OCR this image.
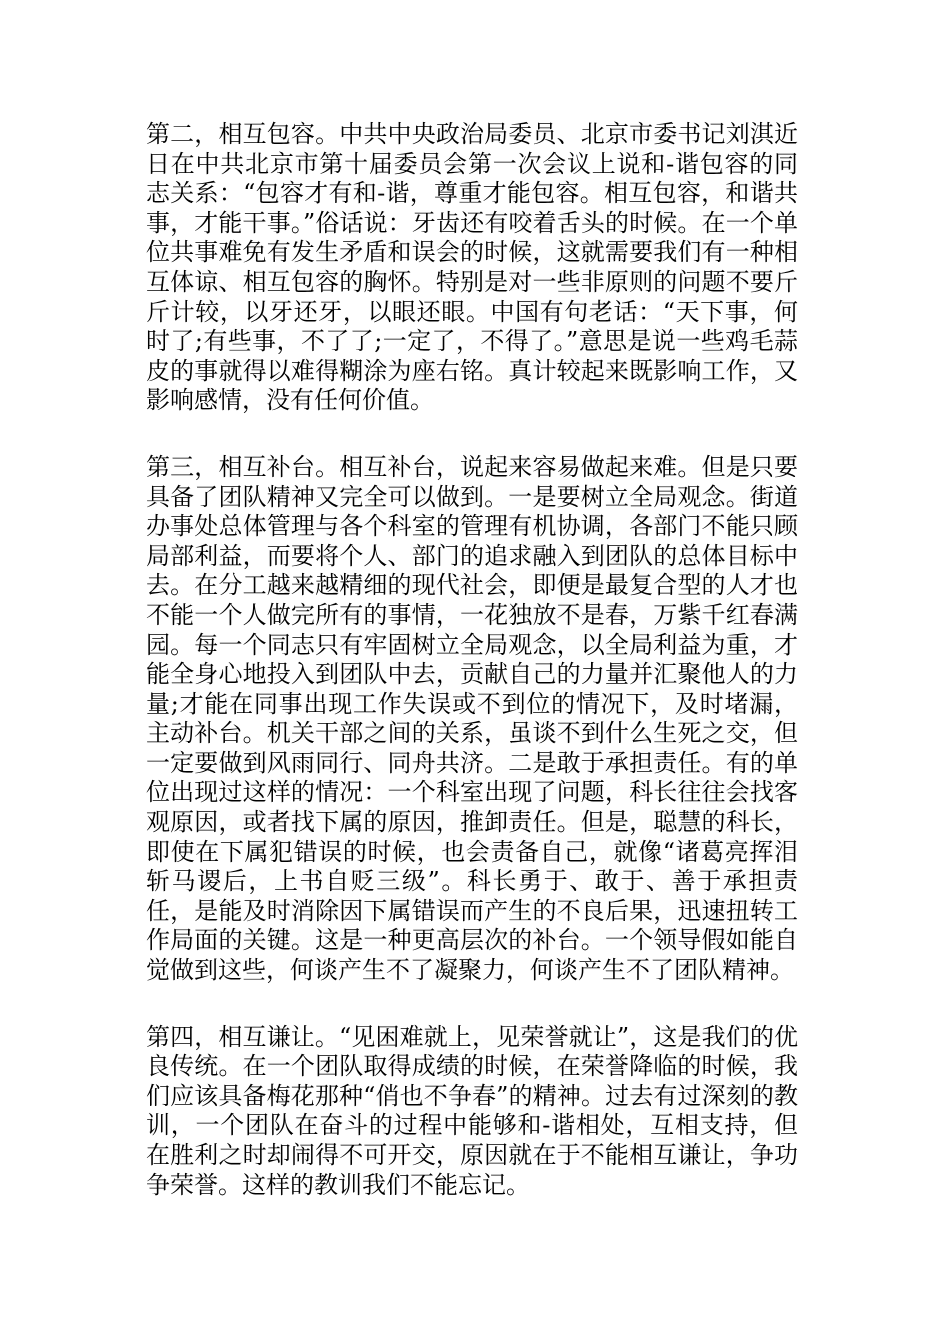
第二，相互包容。中共中央政治局委员、北京市委书记刘淇近日在中共北京市第十届委员会第一次会议上说和-谐包容的同志关系：“包容才有和-谐，尊重才能包容。相互包容，和谐共事，才能干事。”俗话说：牙齿还有咬着舌头的时候。在一个单位共事难免有发生矛盾和误会的时候，这就需要我们有一种相互体谅、相互包容的胸怀。特别是对一些非原则的问题不要斤斤计较，以牙还牙，以眼还眼。中国有句老话：“天下事，何时了;有些事，不了了;一定了，不得了。”意思是说一些鸡毛蒜皮的事就得以难得糊涂为座右铭。真计较起来既影响工作，又影响感情，没有任何价值。

第三，相互补台。相互补台，说起来容易做起来难。但是只要具备了团队精神又完全可以做到。一是要树立全局观念。街道办事处总体管理与各个科室的管理有机协调，各部门不能只顾局部利益，而要将个人、部门的追求融入到团队的总体目标中去。在分工越来越精细的现代社会，即便是最复合型的人才也不能一个人做完所有的事情，一花独放不是春，万紫千红春满园。每一个同志只有牢固树立全局观念，以全局利益为重，才能全身心地投入到团队中去，贡献自己的力量并汇聚他人的力量;才能在同事出现工作失误或不到位的情况下，及时堵漏，主动补台。机关干部之间的关系，虽谈不到什么生死之交，但一定要做到风雨同行、同舟共济。二是敢于承担责任。有的单位出现过这样的情况：一个科室出现了问题，科长往往会找客观原因，或者找下属的原因，推卸责任。但是，聪慧的科长，即使在下属犯错误的时候，也会责备自己，就像“诸葛亮挥泪斩马谡后，上书自贬三级”。科长勇于、敢于、善于承担责任，是能及时消除因下属错误而产生的不良后果，迅速扭转工作局面的关键。这是一种更高层次的补台。一个领导假如能自觉做到这些，何谈产生不了凝聚力，何谈产生不了团队精神。

第四，相互谦让。“见困难就上，见荣誉就让”，这是我们的优良传统。在一个团队取得成绩的时候，在荣誉降临的时候，我们应该具备梅花那种“俏也不争春”的精神。过去有过深刻的教训，一个团队在奋斗的过程中能够和-谐相处，互相支持，但在胜利之时却闹得不可开交，原因就在于不能相互谦让，争功争荣誉。这样的教训我们不能忘记。
